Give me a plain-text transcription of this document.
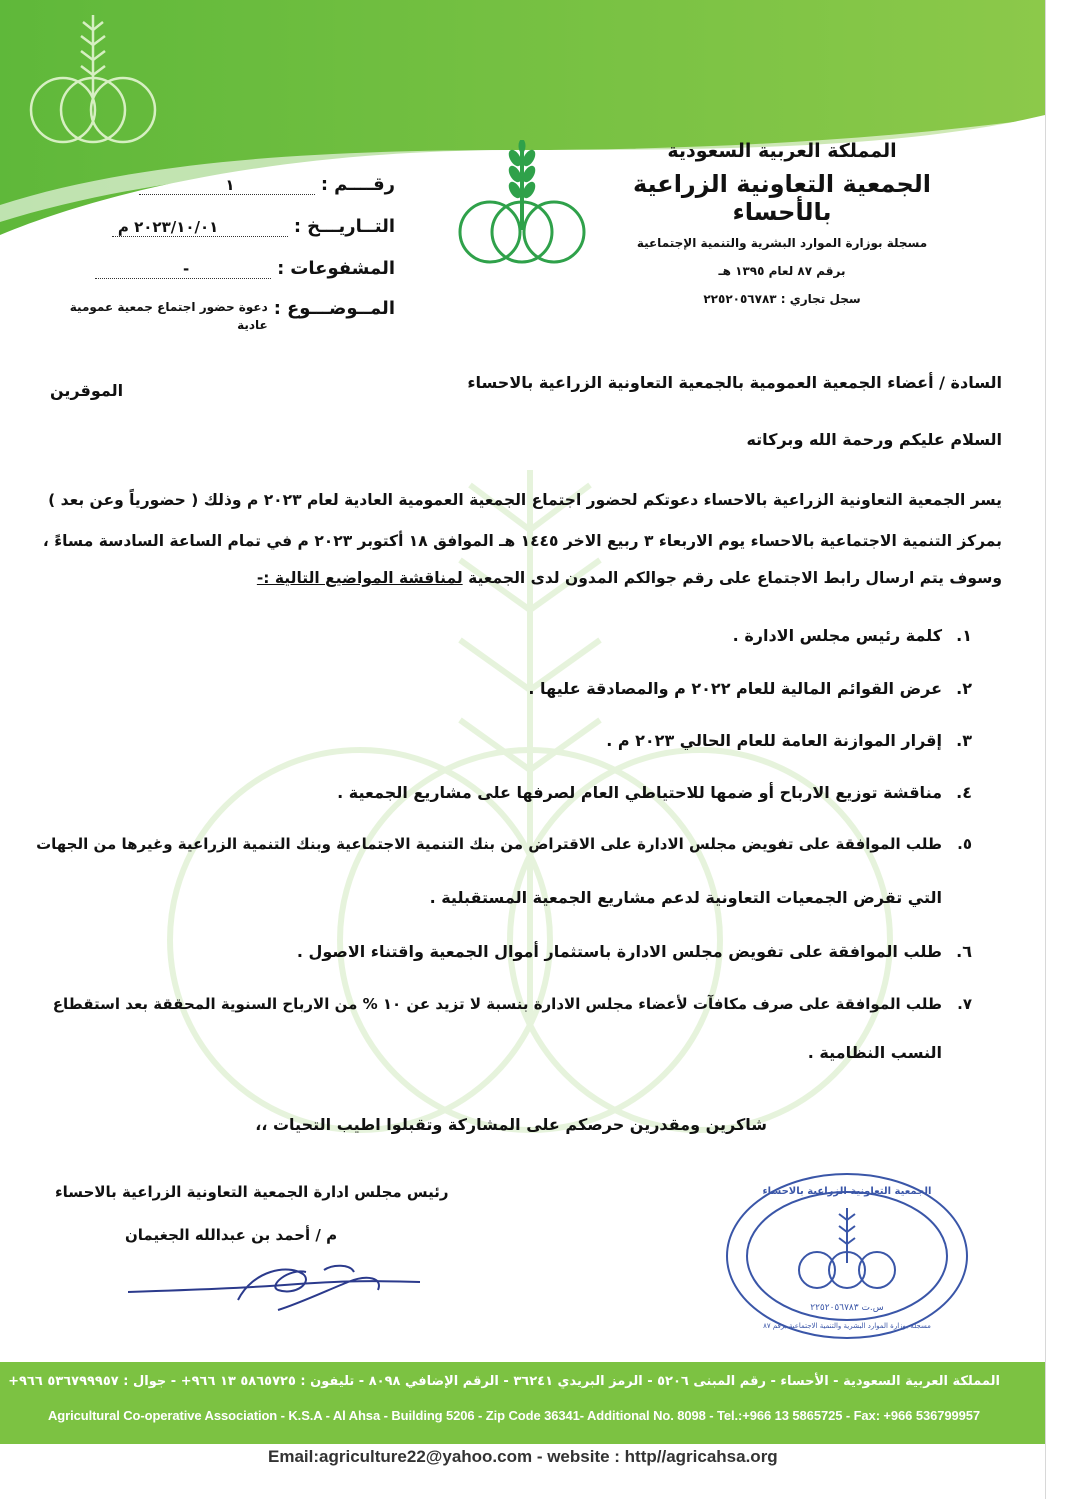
المملكة العربية السعودية

الجمعية التعاونية الزراعية بالأحساء

مسجلة بوزارة الموارد البشرية والتنمية الإجتماعية

برقم ٨٧ لعام ١٣٩٥ هـ

سجل تجاري : ٢٢٥٢٠٥٦٧٨٣

رقــــم
:
١
التــاريـــخ
:
٢٠٢٣/١٠/٠١ م
المشفوعات
:
-
المــوضـــوع
:
دعوة حضور اجتماع جمعية عمومية عادية
السادة / أعضاء الجمعية العمومية بالجمعية التعاونية الزراعية بالاحساء
الموقرين
السلام عليكم ورحمة الله وبركاته
يسر الجمعية التعاونية الزراعية بالاحساء دعوتكم لحضور اجتماع الجمعية العمومية العادية لعام ٢٠٢٣ م وذلك ( حضورياً وعن بعد )
بمركز التنمية الاجتماعية بالاحساء يوم الاربعاء ٣ ربيع الاخر ١٤٤٥ هـ الموافق ١٨ أكتوبر ٢٠٢٣ م في تمام الساعة السادسة مساءً ،
وسوف يتم ارسال رابط الاجتماع على رقم جوالكم المدون لدى الجمعية لمناقشة المواضيع التالية :-
١.كلمة رئيس مجلس الادارة .
٢.عرض القوائم المالية للعام ٢٠٢٢ م والمصادقة عليها .
٣.إقرار الموازنة العامة للعام الحالي ٢٠٢٣ م .
٤.مناقشة توزيع الارباح أو ضمها للاحتياطي العام لصرفها على مشاريع الجمعية .
٥.طلب الموافقة على تفويض مجلس الادارة على الاقتراض من بنك التنمية الاجتماعية وبنك التنمية الزراعية وغيرها من الجهات
التي تقرض الجمعيات التعاونية لدعم مشاريع الجمعية المستقبلية .
٦.طلب الموافقة على تفويض مجلس الادارة باستثمار أموال الجمعية واقتناء الاصول .
٧.طلب الموافقة على صرف مكافآت لأعضاء مجلس الادارة بنسبة لا تزيد عن ١٠ % من الارباح السنوية المحققة بعد استقطاع
النسب النظامية .
شاكرين ومقدرين حرصكم على المشاركة وتقبلوا اطيب التحيات ،،
رئيس مجلس ادارة الجمعية التعاونية الزراعية بالاحساء
م / أحمد بن عبدالله الجغيمان
الجمعية التعاونية الزراعية بالاحساء
س.ت ٢٢٥٢٠٥٦٧٨٣
مسجلة بوزارة الموارد البشرية والتنمية الاجتماعية برقم ٨٧
المملكة العربية السعودية - الأحساء - رقم المبنى ٥٢٠٦ - الرمز البريدي ٣٦٢٤١ - الرقم الإضافي ٨٠٩٨ - تليفون : ٥٨٦٥٧٢٥ ١٣ ٩٦٦+ - جوال : ٥٣٦٧٩٩٩٥٧ ٩٦٦+
Agricultural Co-operative Association - K.S.A - Al Ahsa - Building 5206 - Zip Code 36341- Additional No. 8098 - Tel.:+966 13 5865725 - Fax: +966 536799957
Email:agriculture22@yahoo.com - website : http//agricahsa.org
